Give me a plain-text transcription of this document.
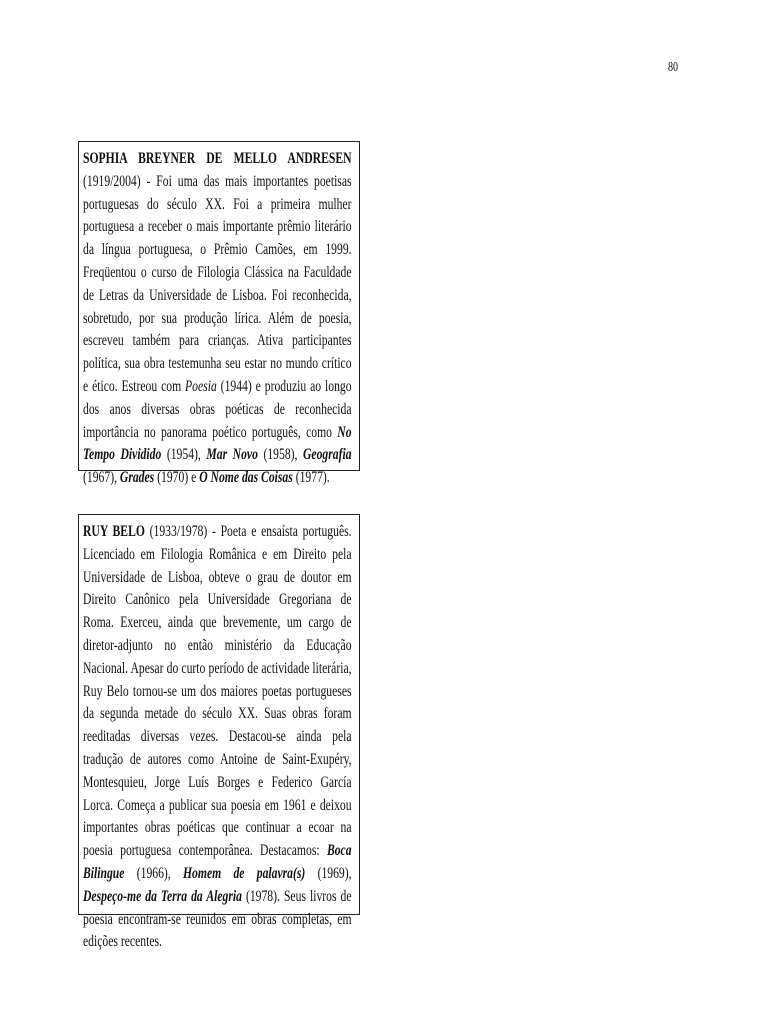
80
SOPHIA BREYNER DE MELLO ANDRESEN (1919/2004) - Foi uma das mais importantes poetisas portuguesas do século XX. Foi a primeira mulher portuguesa a receber o mais importante prêmio literário da língua portuguesa, o Prêmio Camões, em 1999. Freqüentou o curso de Filologia Clássica na Faculdade de Letras da Universidade de Lisboa. Foi reconhecida, sobretudo, por sua produção lírica. Além de poesia, escreveu também para crianças. Ativa participantes política, sua obra testemunha seu estar no mundo crítico e ético. Estreou com Poesia (1944) e produziu ao longo dos anos diversas obras poéticas de reconhecida importância no panorama poético português, como No Tempo Dividido (1954), Mar Novo (1958), Geografia (1967), Grades (1970) e O Nome das Coisas (1977).
RUY BELO (1933/1978) - Poeta e ensaísta português. Licenciado em Filologia Românica e em Direito pela Universidade de Lisboa, obteve o grau de doutor em Direito Canônico pela Universidade Gregoriana de Roma. Exerceu, ainda que brevemente, um cargo de diretor-adjunto no então ministério da Educação Nacional. Apesar do curto período de actividade literária, Ruy Belo tornou-se um dos maiores poetas portugueses da segunda metade do século XX. Suas obras foram reeditadas diversas vezes. Destacou-se ainda pela tradução de autores como Antoine de Saint-Exupéry, Montesquieu, Jorge Luís Borges e Federico García Lorca. Começa a publicar sua poesia em 1961 e deixou importantes obras poéticas que continuar a ecoar na poesia portuguesa contemporânea. Destacamos: Boca Bilingue (1966), Homem de palavra(s) (1969), Despeço-me da Terra da Alegria (1978). Seus livros de poesia encontram-se reunidos em obras completas, em edições recentes.
